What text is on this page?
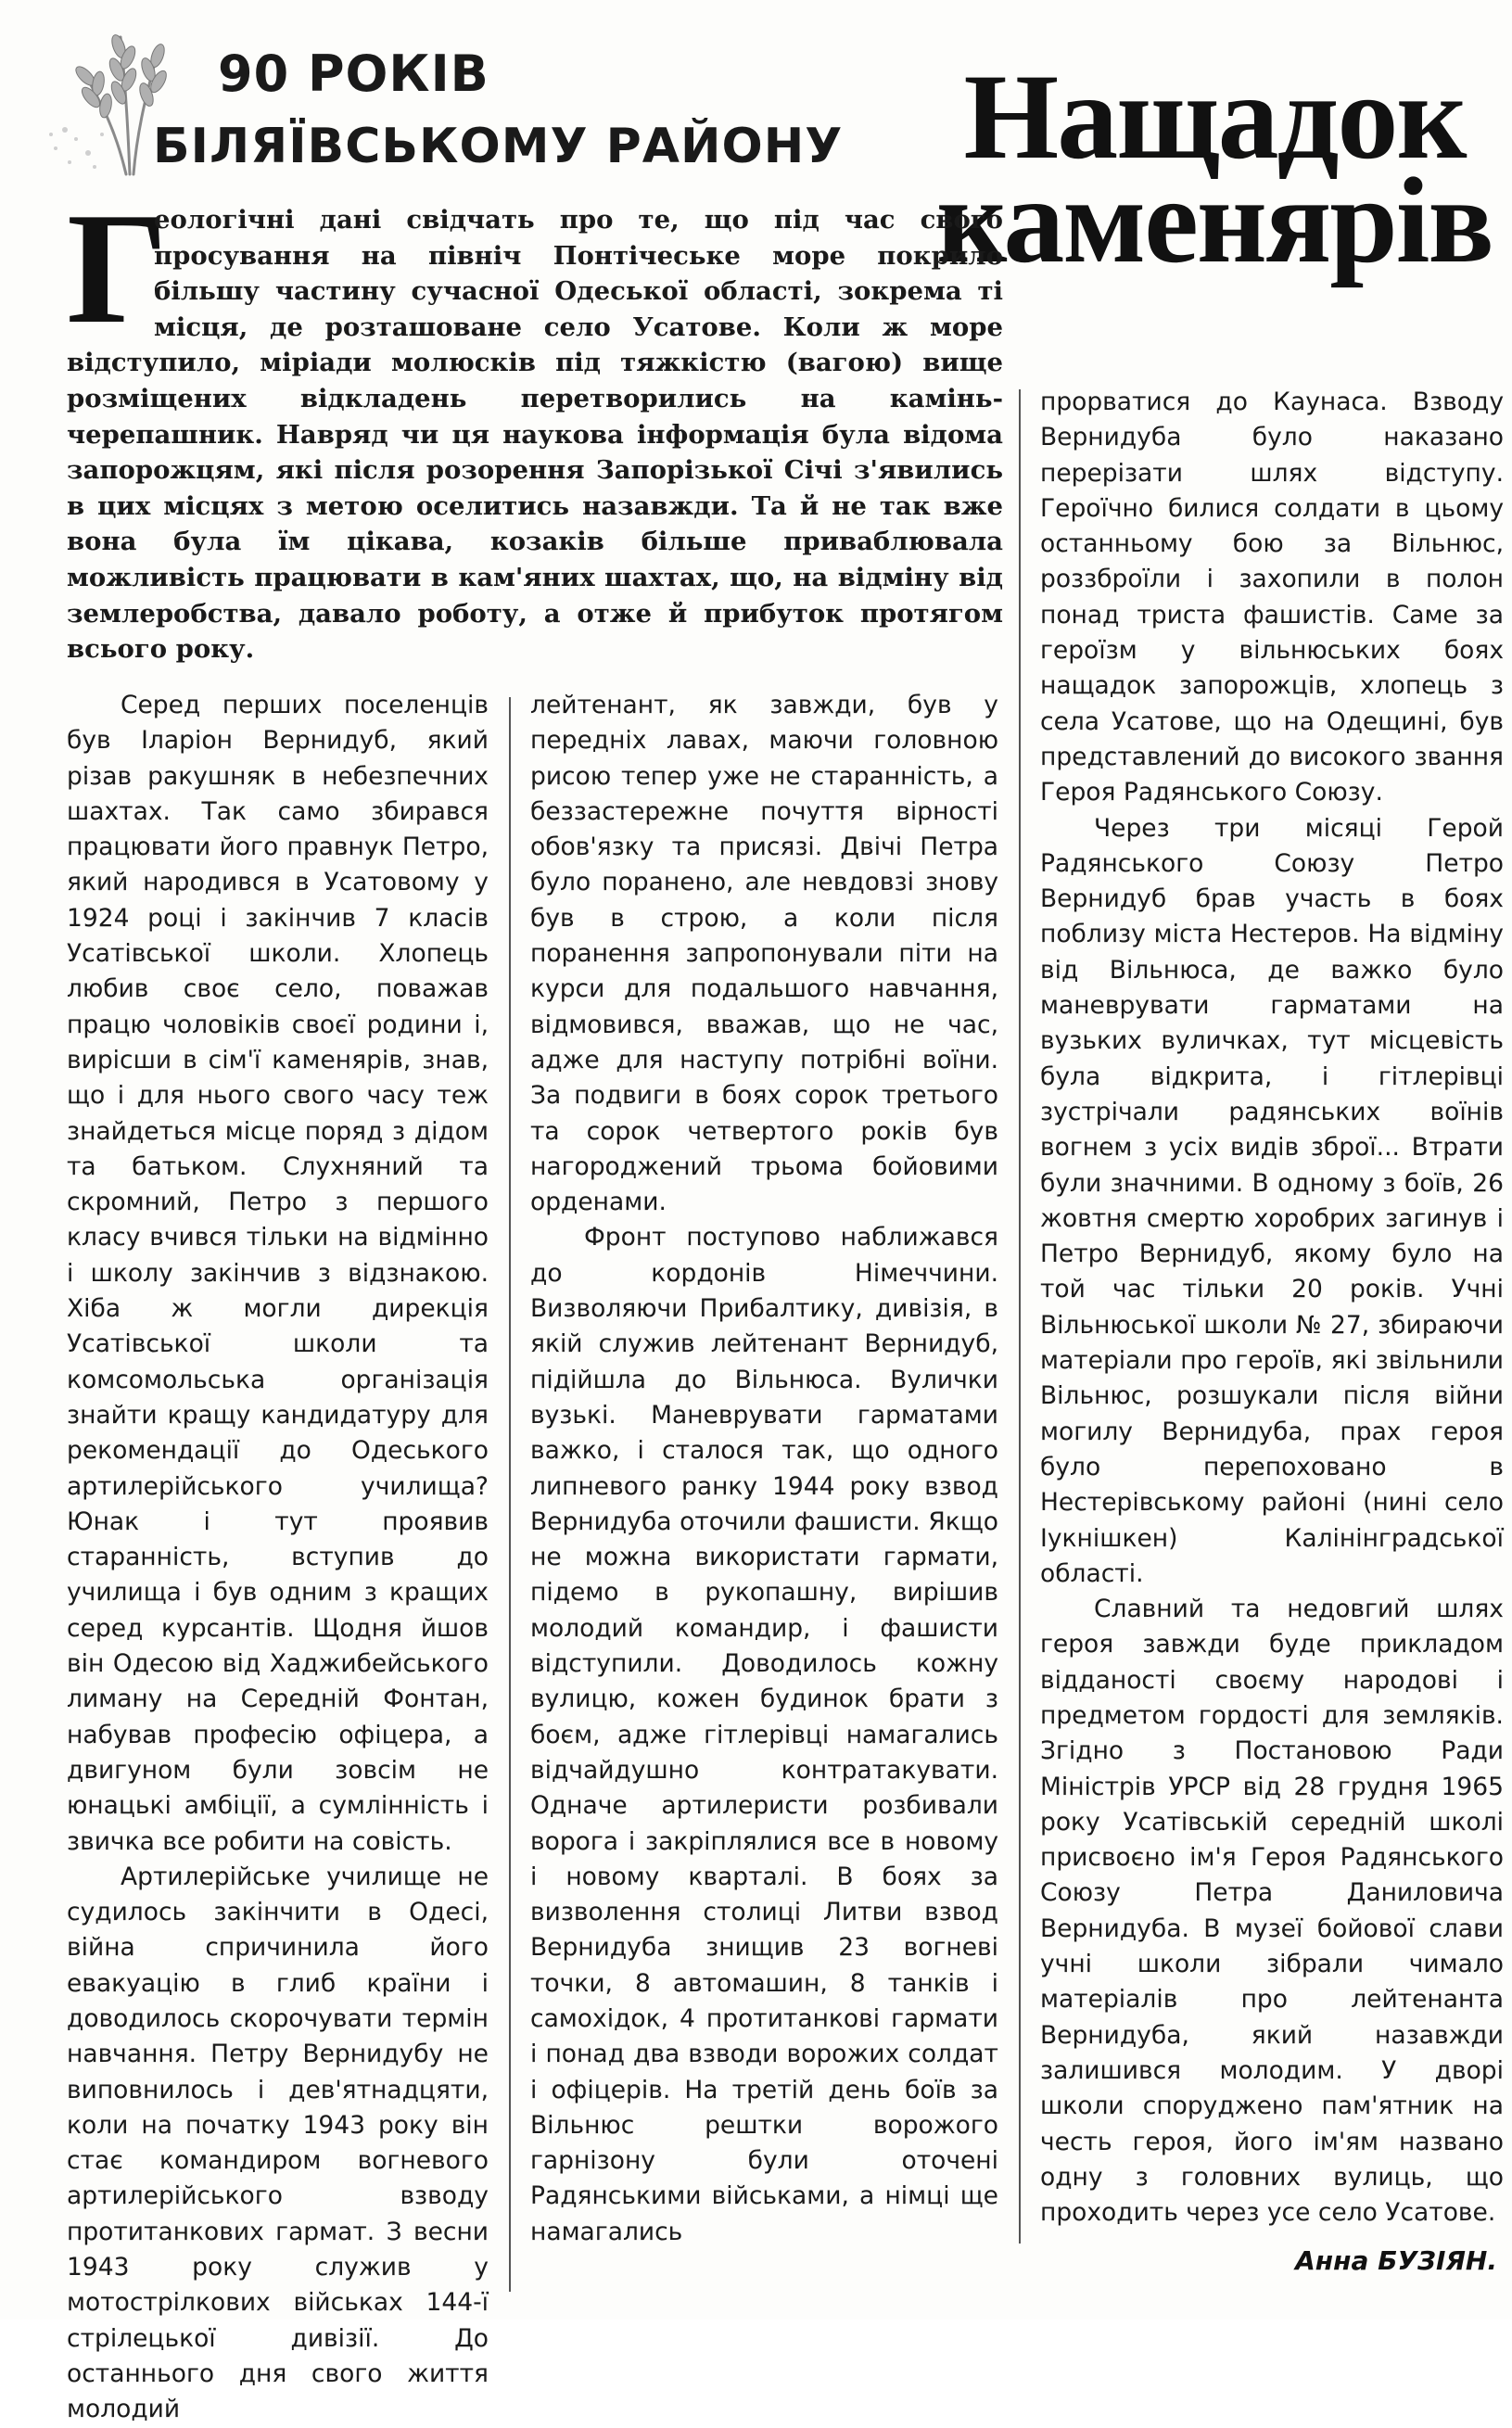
90 РОКІВ
БІЛЯЇВСЬКОМУ РАЙОНУ Нащадок
каменярів
Г
еологічні дані свідчать про те, що під час свого просування на північ Понтічеське море покрило більшу частину сучасної Одеської області, зокрема ті місця, де розташоване село Усатове. Коли ж море відступило, міріади молюсків під тяжкістю (вагою) вище розміщених відкладень перетворились на камінь-черепашник. Навряд чи ця наукова інформація була відома запорожцям, які після розорення Запорізької Січі з'явились в цих місцях з метою оселитись назавжди. Та й не так вже вона була їм цікава, козаків більше приваблювала можливість працювати в кам'яних шахтах, що, на відміну від землеробства, давало роботу, а отже й прибуток протягом всього року.

Серед перших поселенців був Іларіон Вернидуб, який різав ракушняк в небезпечних шахтах. Так само збирався працювати його правнук Петро, який народився в Усатовому у 1924 році і закінчив 7 класів Усатівської школи. Хлопець любив своє село, поважав працю чоловіків своєї родини і, вирісши в сім'ї каменярів, знав, що і для нього свого часу теж знайдеться місце поряд з дідом та батьком. Слухняний та скромний, Петро з першого класу вчився тільки на відмінно і школу закінчив з відзнакою. Хіба ж могли дирекція Усатівської школи та комсомольська організація знайти кращу кандидатуру для рекомендації до Одеського артилерійського училища? Юнак і тут проявив старанність, вступив до училища і був одним з кращих серед курсантів. Щодня йшов він Одесою від Хаджибейського лиману на Середній Фонтан, набував професію офіцера, а двигуном були зовсім не юнацькі амбіції, а сумлінність і звичка все робити на совість.

Артилерійське училище не судилось закінчити в Одесі, війна спричинила його евакуацію в глиб країни і доводилось скорочувати термін навчання. Петру Вернидубу не виповнилось і дев'ятнадцяти, коли на початку 1943 року він стає командиром вогневого артилерійського взводу протитанкових гармат. З весни 1943 року служив у мотострілкових військах 144-ї стрілецької дивізії. До останнього дня свого життя молодий

лейтенант, як завжди, був у передніх лавах, маючи головною рисою тепер уже не старанність, а беззастережне почуття вірності обов'язку та присязі. Двічі Петра було поранено, але невдовзі знову був в строю, а коли після поранення запропонували піти на курси для подальшого навчання, відмовився, вважав, що не час, адже для наступу потрібні воїни. За подвиги в боях сорок третього та сорок четвертого років був нагороджений трьома бойовими орденами.

Фронт поступово наближався до кордонів Німеччини. Визволяючи Прибалтику, дивізія, в якій служив лейтенант Вернидуб, підійшла до Вільнюса. Вулички вузькі. Маневрувати гарматами важко, і сталося так, що одного липневого ранку 1944 року взвод Вернидуба оточили фашисти. Якщо не можна використати гармати, підемо в рукопашну, вирішив молодий командир, і фашисти відступили. Доводилось кожну вулицю, кожен будинок брати з боєм, адже гітлерівці намагались відчайдушно контратакувати. Одначе артилеристи розбивали ворога і закріплялися все в новому і новому кварталі. В боях за визволення столиці Литви взвод Вернидуба знищив 23 вогневі точки, 8 автомашин, 8 танків і самохідок, 4 протитанкові гармати і понад два взводи ворожих солдат і офіцерів. На третій день боїв за Вільнюс рештки ворожого гарнізону були оточені Радянськими військами, а німці ще намагались

прорватися до Каунаса. Взводу Вернидуба було наказано перерізати шлях відступу. Героїчно билися солдати в цьому останньому бою за Вільнюс, роззброїли і захопили в полон понад триста фашистів. Саме за героїзм у вільнюських боях нащадок запорожців, хлопець з села Усатове, що на Одещині, був представлений до високого звання Героя Радянського Союзу.

Через три місяці Герой Радянського Союзу Петро Вернидуб брав участь в боях поблизу міста Нестеров. На відміну від Вільнюса, де важко було маневрувати гарматами на вузьких вуличках, тут місцевість була відкрита, і гітлерівці зустрічали радянських воїнів вогнем з усіх видів зброї... Втрати були значними. В одному з боїв, 26 жовтня смертю хоробрих загинув і Петро Вернидуб, якому було на той час тільки 20 років. Учні Вільнюської школи № 27, збираючи матеріали про героїв, які звільнили Вільнюс, розшукали після війни могилу Вернидуба, прах героя було перепоховано в Нестерівському районі (нині село Іукнішкен) Калінінградської області.

Славний та недовгий шлях героя завжди буде прикладом відданості своєму народові і предметом гордості для земляків. Згідно з Постановою Ради Міністрів УРСР від 28 грудня 1965 року Усатівській середній школі присвоєно ім'я Героя Радянського Союзу Петра Даниловича Вернидуба. В музеї бойової слави учні школи зібрали чимало матеріалів про лейтенанта Вернидуба, який назавжди залишився молодим. У дворі школи споруджено пам'ятник на честь героя, його ім'ям названо одну з головних вулиць, що проходить через усе село Усатове.

Анна БУЗІЯН.
